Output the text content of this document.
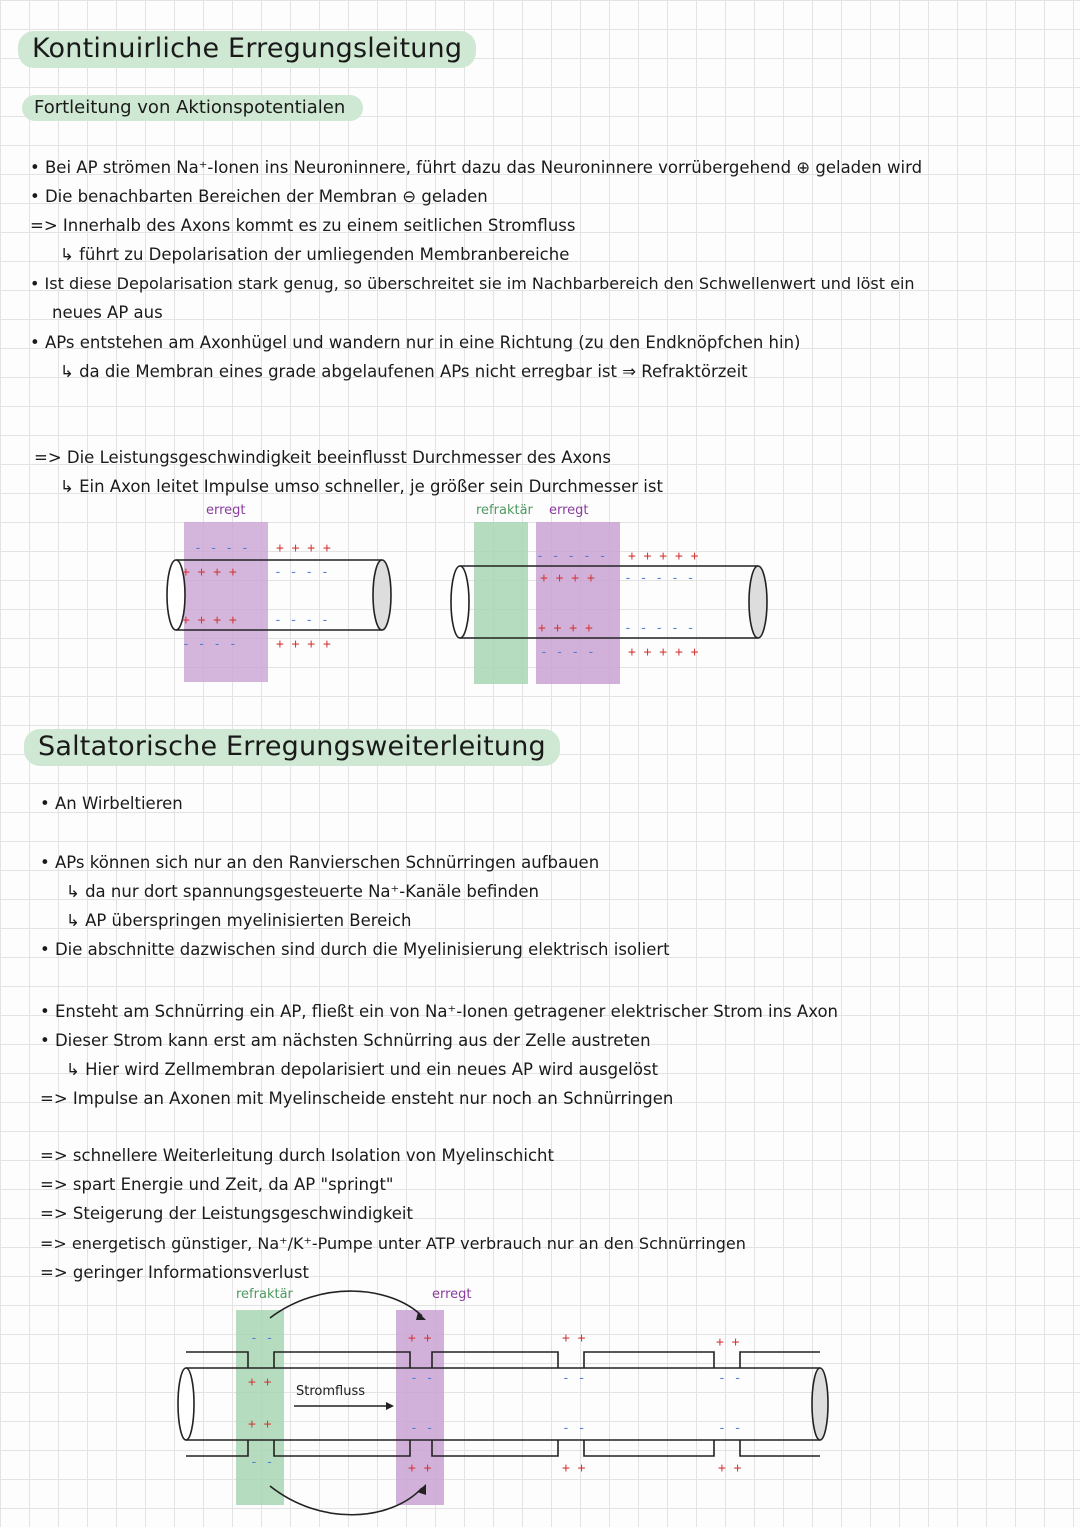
Kontinuirliche Erregungsleitung
Fortleitung von Aktionspotentialen
• Bei AP strömen Na⁺-Ionen ins Neuroninnere, führt dazu das Neuroninnere vorrübergehend ⊕ geladen wird
• Die benachbarten Bereichen der Membran ⊖ geladen
=> Innerhalb des Axons kommt es zu einem seitlichen Stromfluss
↳ führt zu Depolarisation der umliegenden Membranbereiche
• Ist diese Depolarisation stark genug, so überschreitet sie im Nachbarbereich den Schwellenwert und löst ein
neues AP aus
• APs entstehen am Axonhügel und wandern nur in eine Richtung (zu den Endknöpfchen hin)
↳ da die Membran eines grade abgelaufenen APs nicht erregbar ist ⇒ Refraktörzeit
=> Die Leistungsgeschwindigkeit beeinflusst Durchmesser des Axons
↳ Ein Axon leitet Impulse umso schneller, je größer sein Durchmesser ist
erregt	refraktär erregt
- - - - + + + +
+ + + +	- - - -
+ + + +	- - - -
- - - -	+ + + +
- - - - - + + + + +
+ + + + - - - - -
+ + + + - - - - -
- - - -	+ + + + +
Saltatorische Erregungsweiterleitung
• An Wirbeltieren
• APs können sich nur an den Ranvierschen Schnürringen aufbauen
↳ da nur dort spannungsgesteuerte Na⁺-Kanäle befinden
↳ AP überspringen myelinisierten Bereich
• Die abschnitte dazwischen sind durch die Myelinisierung elektrisch isoliert
• Ensteht am Schnürring ein AP, fließt ein von Na⁺-Ionen getragener elektrischer Strom ins Axon
• Dieser Strom kann erst am nächsten Schnürring aus der Zelle austreten
↳ Hier wird Zellmembran depolarisiert und ein neues AP wird ausgelöst
=> Impulse an Axonen mit Myelinscheide ensteht nur noch an Schnürringen
=> schnellere Weiterleitung durch Isolation von Myelinschicht
=> spart Energie und Zeit, da AP "springt"
=> Steigerung der Leistungsgeschwindigkeit
=> energetisch günstiger, Na⁺/K⁺-Pumpe unter ATP verbrauch nur an den Schnürringen
=> geringer Informationsverlust
refraktär	erregt
Stromfluss
- -
+ +
+ +
- -
+ +
- -
- -
+ +
+ +
- -
- -
+ +
+ +
- -
- -
+ +
